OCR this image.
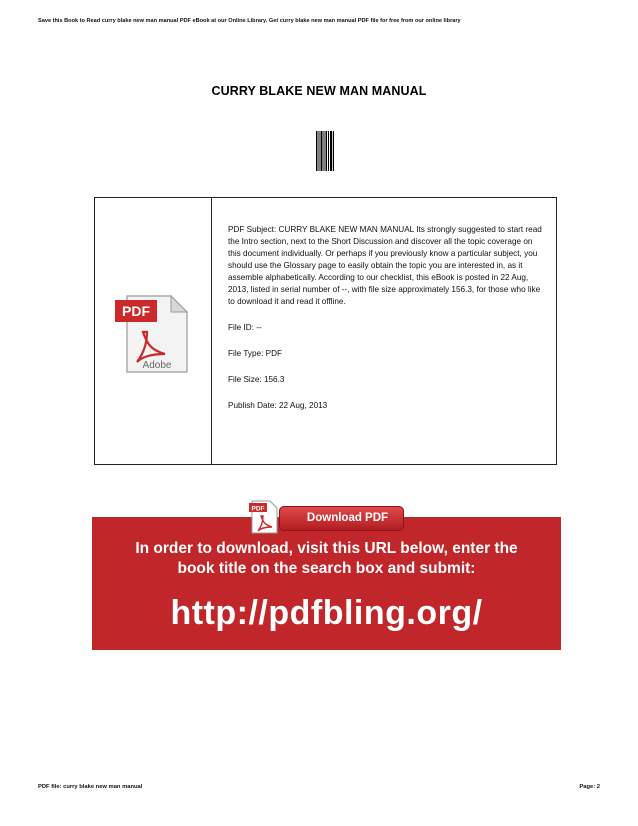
Save this Book to Read curry blake new man manual PDF eBook at our Online Library. Get curry blake new man manual PDF file for free from our online library
CURRY BLAKE NEW MAN MANUAL
PDF
Adobe

PDF Subject: CURRY BLAKE NEW MAN MANUAL Its strongly suggested to start read the Intro section, next to the Short Discussion and discover all the topic coverage on this document individually. Or perhaps if you previously know a particular subject, you should use the Glossary page to easily obtain the topic you are interested in, as it assemble alphabetically. According to our checklist, this eBook is posted in 22 Aug, 2013, listed in serial number of --, with file size approximately 156.3, for those who like to download it and read it offline.

File ID: --

File Type: PDF

File Size: 156.3

Publish Date: 22 Aug, 2013

In order to download, visit this URL below, enter the
book title on the search box and submit:
http://pdfbling.org/
Download PDF
PDF
PDF file: curry blake new man manual	Page: 2
